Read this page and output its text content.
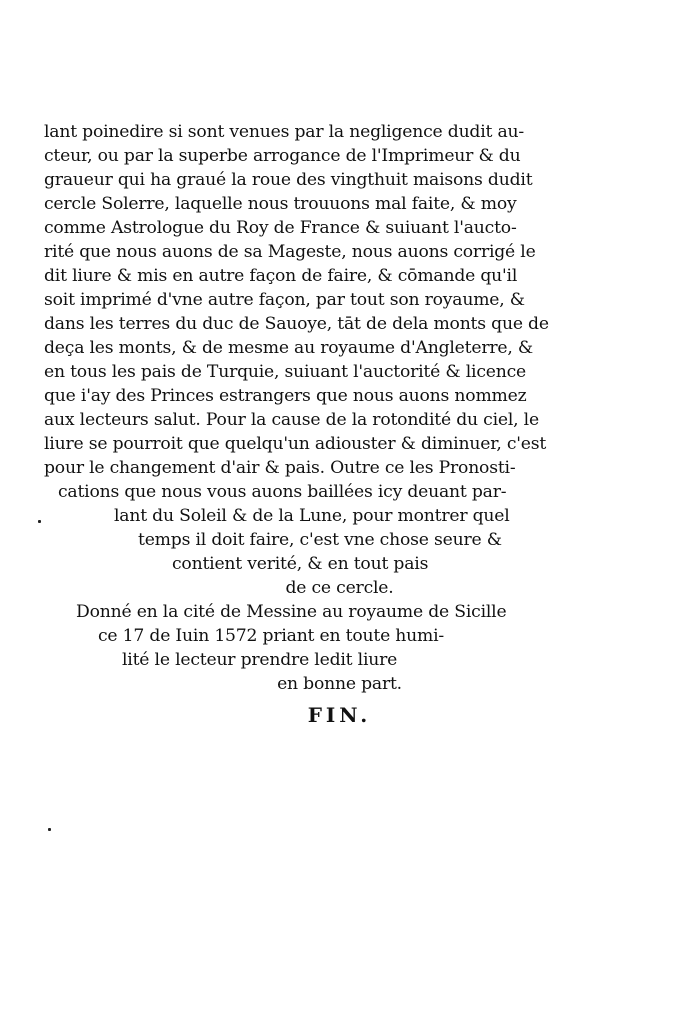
lant poinedire si sont venues par la negligence dudit au-
cteur, ou par la superbe arrogance de l'Imprimeur & du
graueur qui ha graué la roue des vingthuit maisons dudit
cercle Solerre, laquelle nous trouuons mal faite, & moy
comme Astrologue du Roy de France & suiuant l'aucto-
rité que nous auons de sa Mageste, nous auons corrigé le
dit liure & mis en autre façon de faire, & cōmande qu'il
soit imprimé d'vne autre façon, par tout son royaume, &
dans les terres du duc de Sauoye, tāt de dela monts que de
deça les monts, & de mesme au royaume d'Angleterre, &
en tous les pais de Turquie, suiuant l'auctorité & licence
que i'ay des Princes estrangers que nous auons nommez
aux lecteurs salut. Pour la cause de la rotondité du ciel, le
liure se pourroit que quelqu'un adiouster & diminuer, c'est
pour le changement d'air & pais. Outre ce les Pronosti-
cations que nous vous auons baillées icy deuant par-
lant du Soleil & de la Lune, pour montrer quel
temps il doit faire, c'est vne chose seure &
contient verité, & en tout pais
de ce cercle.
Donné en la cité de Messine au royaume de Sicille
ce 17 de Iuin 1572 priant en toute humi-
lité le lecteur prendre ledit liure
en bonne part.
FIN.
